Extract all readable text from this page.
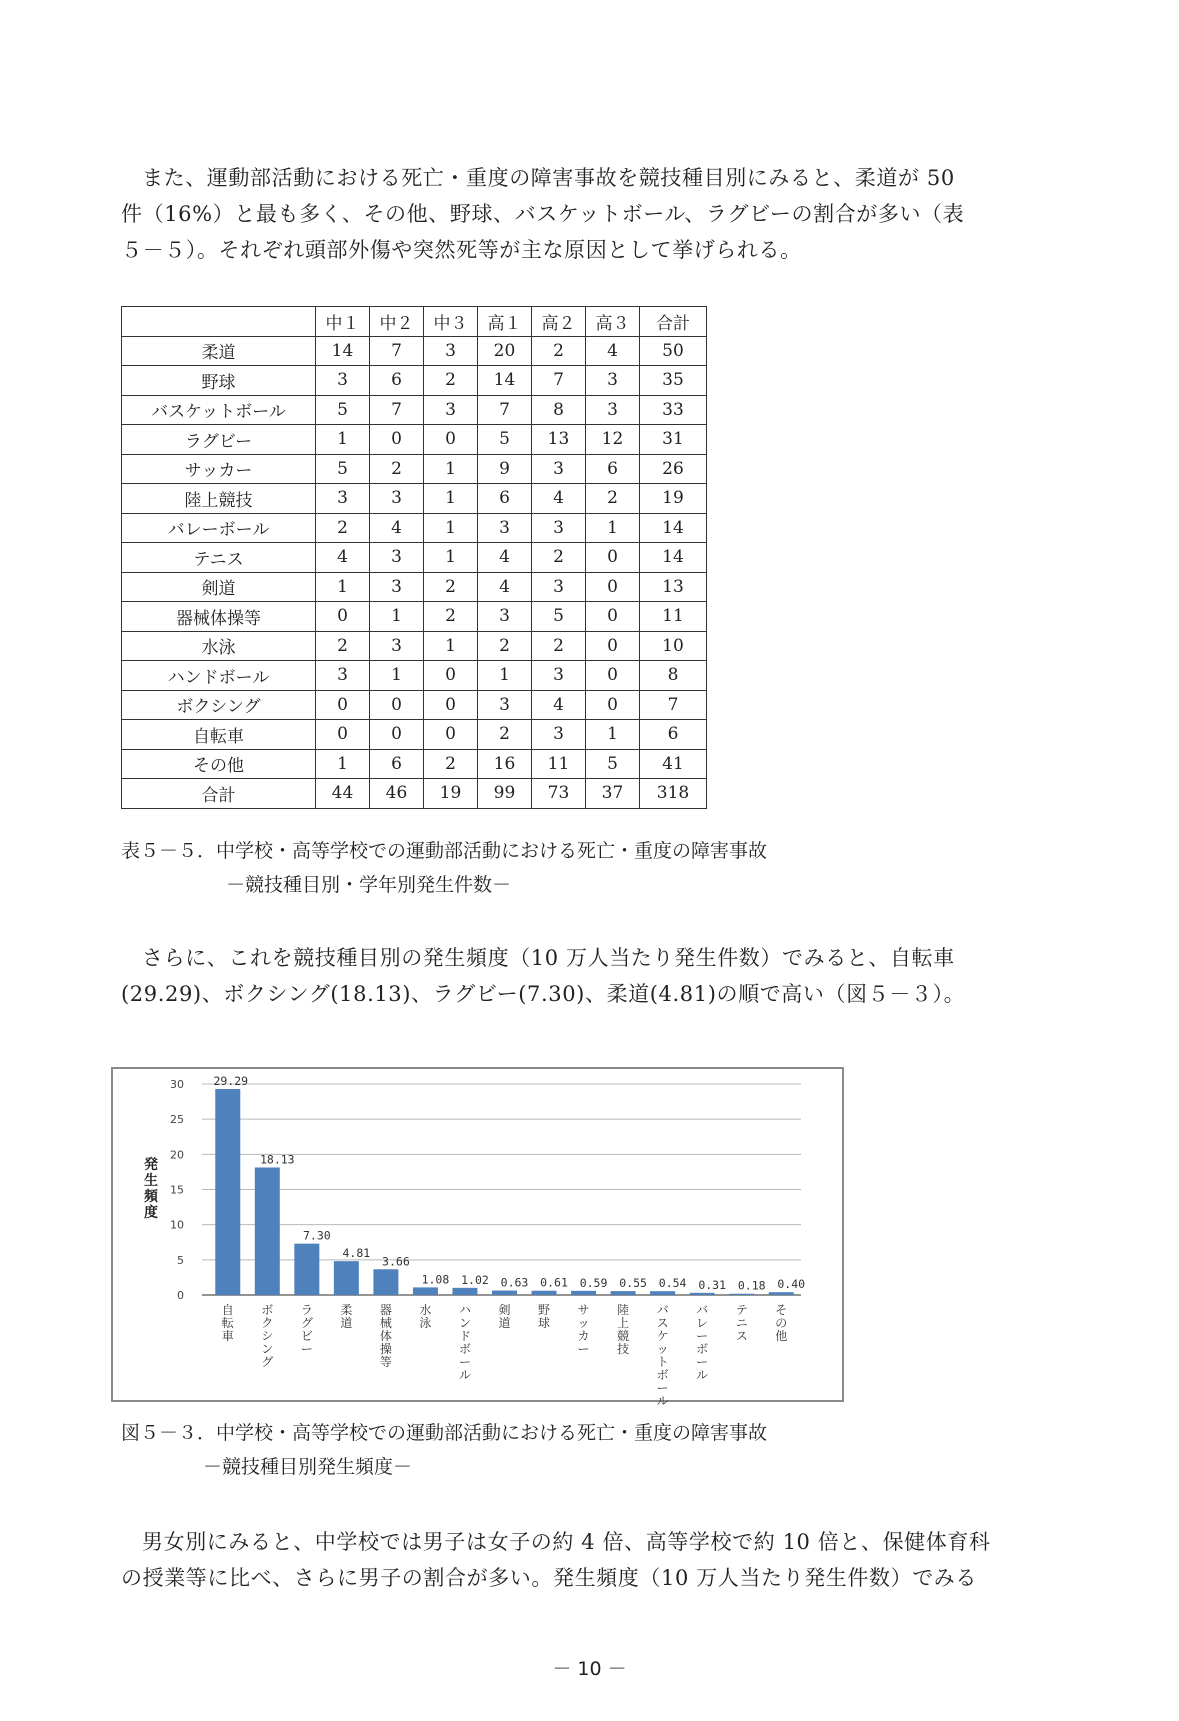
また、運動部活動における死亡・重度の障害事故を競技種目別にみると、柔道が 50

件（16%）と最も多く、その他、野球、バスケットボール、ラグビーの割合が多い（表

５－５）。それぞれ頭部外傷や突然死等が主な原因として挙げられる。

	中１	中２	中３	高１	高２	高３	合計
柔道	14	7	3	20	2	4	50
野球	3	6	2	14	7	3	35
バスケットボール	5	7	3	7	8	3	33
ラグビー	1	0	0	5	13	12	31
サッカー	5	2	1	9	3	6	26
陸上競技	3	3	1	6	4	2	19
バレーボール	2	4	1	3	3	1	14
テニス	4	3	1	4	2	0	14
剣道	1	3	2	4	3	0	13
器械体操等	0	1	2	3	5	0	11
水泳	2	3	1	2	2	0	10
ハンドボール	3	1	0	1	3	0	8
ボクシング	0	0	0	3	4	0	7
自転車	0	0	0	2	3	1	6
その他	1	6	2	16	11	5	41
合計	44	46	19	99	73	37	318
表５－５．中学校・高等学校での運動部活動における死亡・重度の障害事故
－競技種目別・学年別発生件数－

さらに、これを競技種目別の発生頻度（10 万人当たり発生件数）でみると、自転車

(29.29)、ボクシング(18.13)、ラグビー(7.30)、柔道(4.81)の順で高い（図５－３）。

0
5
10
15
20
25
30
発
生
頻
度
29.29
自
転
車
18.13
ボ
ク
シ
ン
グ
7.30
ラ
グ
ビ
ー
4.81
柔
道
3.66
器
械
体
操
等
1.08
水
泳
1.02
ハ
ン
ド
ボ
ー
ル
0.63
剣
道
0.61
野
球
0.59
サ
ッ
カ
ー
0.55
陸
上
競
技
0.54
バ
ス
ケ
ッ
ト
ボ
ー
ル
0.31
バ
レ
ー
ボ
ー
ル
0.18
テ
ニ
ス
0.40
そ
の
他
図５－３．中学校・高等学校での運動部活動における死亡・重度の障害事故
－競技種目別発生頻度－

男女別にみると、中学校では男子は女子の約 4 倍、高等学校で約 10 倍と、保健体育科

の授業等に比べ、さらに男子の割合が多い。発生頻度（10 万人当たり発生件数）でみる

－ 10 －
